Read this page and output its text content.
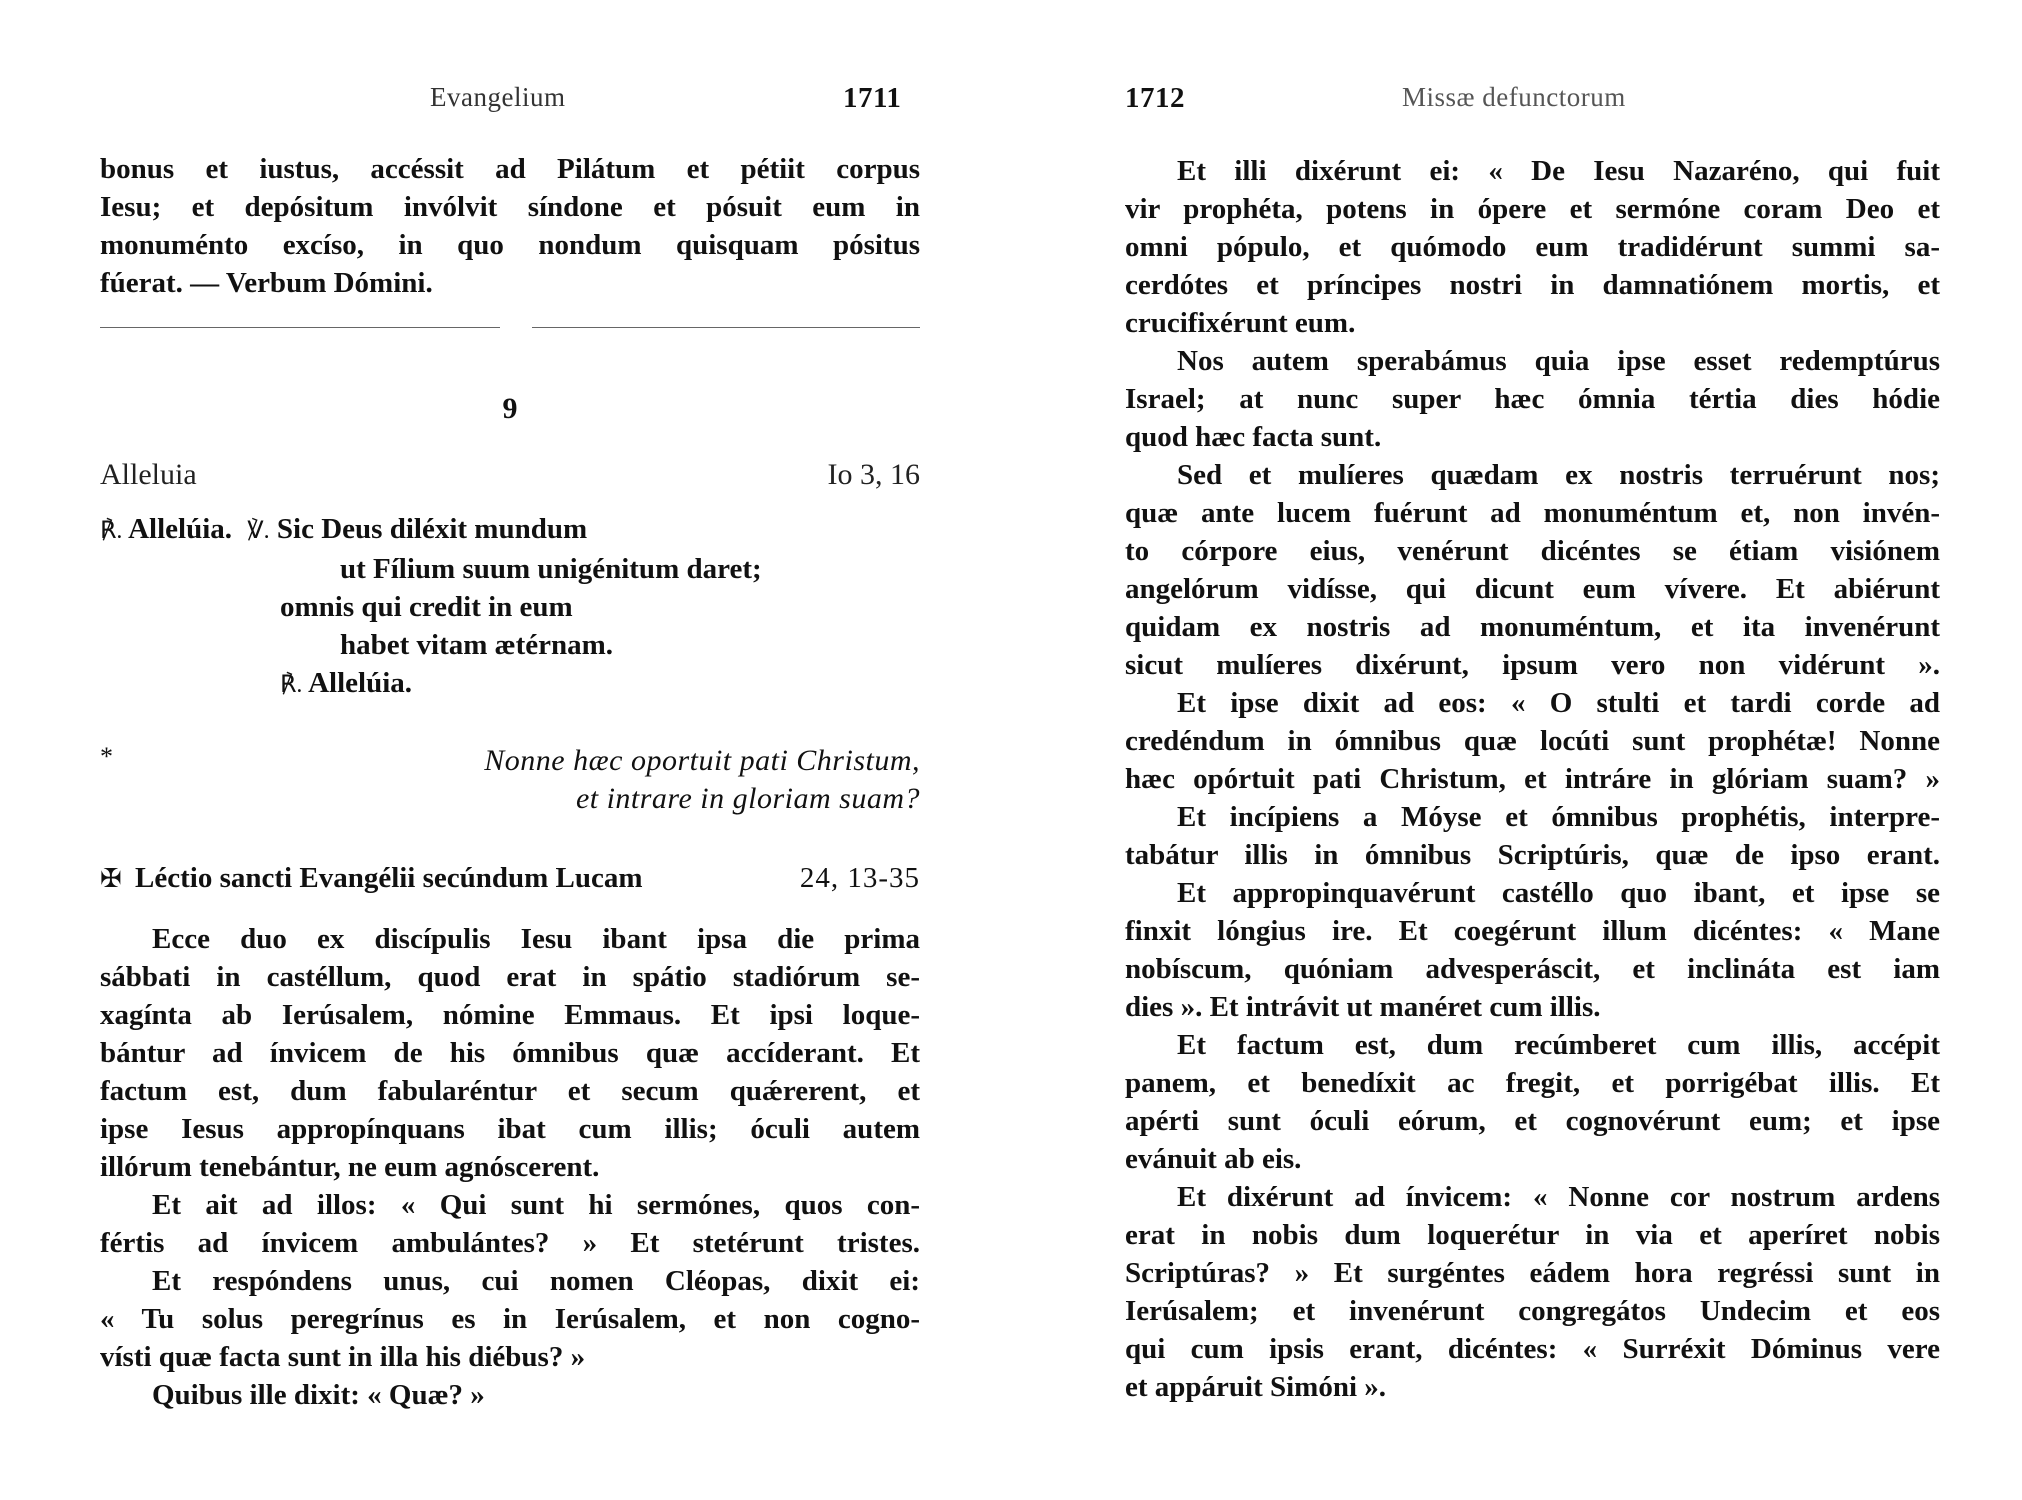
Evangelium	1711
bonus et iustus, accéssit ad Pilátum et pétiit corpus
Iesu; et depósitum invólvit síndone et pósuit eum in
monuménto excíso, in quo nondum quisquam pósitus
fúerat. — Verbum Dómini.
9
Alleluia	Io 3, 16
℟. Allelúia. ℣. Sic Deus diléxit mundum
ut Fílium suum unigénitum daret;
omnis qui credit in eum
habet vitam ætérnam.
℟. Allelúia.
*	Nonne hæc oportuit pati Christum,
et intrare in gloriam suam?
✠ Léctio sancti Evangélii secúndum Lucam	24, 13-35
Ecce duo ex discípulis Iesu ibant ipsa die prima
sábbati in castéllum, quod erat in spátio stadiórum se-
xagínta ab Ierúsalem, nómine Emmaus. Et ipsi loque-
bántur ad ínvicem de his ómnibus quæ accíderant. Et
factum est, dum fabularéntur et secum quǽrerent, et
ipse Iesus appropínquans ibat cum illis; óculi autem
illórum tenebántur, ne eum agnóscerent.
Et ait ad illos: « Qui sunt hi sermónes, quos con-
fértis ad ínvicem ambulántes? » Et stetérunt tristes.
Et respóndens unus, cui nomen Cléopas, dixit ei:
« Tu solus peregrínus es in Ierúsalem, et non cogno-
vísti quæ facta sunt in illa his diébus? »
Quibus ille dixit: « Quæ? »
1712	Missæ defunctorum
Et illi dixérunt ei: « De Iesu Nazaréno, qui fuit
vir prophéta, potens in ópere et sermóne coram Deo et
omni pópulo, et quómodo eum tradidérunt summi sa-
cerdótes et príncipes nostri in damnatiónem mortis, et
crucifixérunt eum.
Nos autem sperabámus quia ipse esset redemptúrus
Israel; at nunc super hæc ómnia tértia dies hódie
quod hæc facta sunt.
Sed et mulíeres quædam ex nostris terruérunt nos;
quæ ante lucem fuérunt ad monuméntum et, non invén-
to córpore eius, venérunt dicéntes se étiam visiónem
angelórum vidísse, qui dicunt eum vívere. Et abiérunt
quidam ex nostris ad monuméntum, et ita invenérunt
sicut mulíeres dixérunt, ipsum vero non vidérunt ».
Et ipse dixit ad eos: « O stulti et tardi corde ad
credéndum in ómnibus quæ locúti sunt prophétæ! Nonne
hæc opórtuit pati Christum, et intráre in glóriam suam? »
Et incípiens a Móyse et ómnibus prophétis, interpre-
tabátur illis in ómnibus Scriptúris, quæ de ipso erant.
Et appropinquavérunt castéllo quo ibant, et ipse se
finxit lóngius ire. Et coegérunt illum dicéntes: « Mane
nobíscum, quóniam advesperáscit, et inclináta est iam
dies ». Et intrávit ut manéret cum illis.
Et factum est, dum recúmberet cum illis, accépit
panem, et benedíxit ac fregit, et porrigébat illis. Et
apérti sunt óculi eórum, et cognovérunt eum; et ipse
evánuit ab eis.
Et dixérunt ad ínvicem: « Nonne cor nostrum ardens
erat in nobis dum loquerétur in via et aperíret nobis
Scriptúras? » Et surgéntes eádem hora regréssi sunt in
Ierúsalem; et invenérunt congregátos Undecim et eos
qui cum ipsis erant, dicéntes: « Surréxit Dóminus vere
et appáruit Simóni ».
